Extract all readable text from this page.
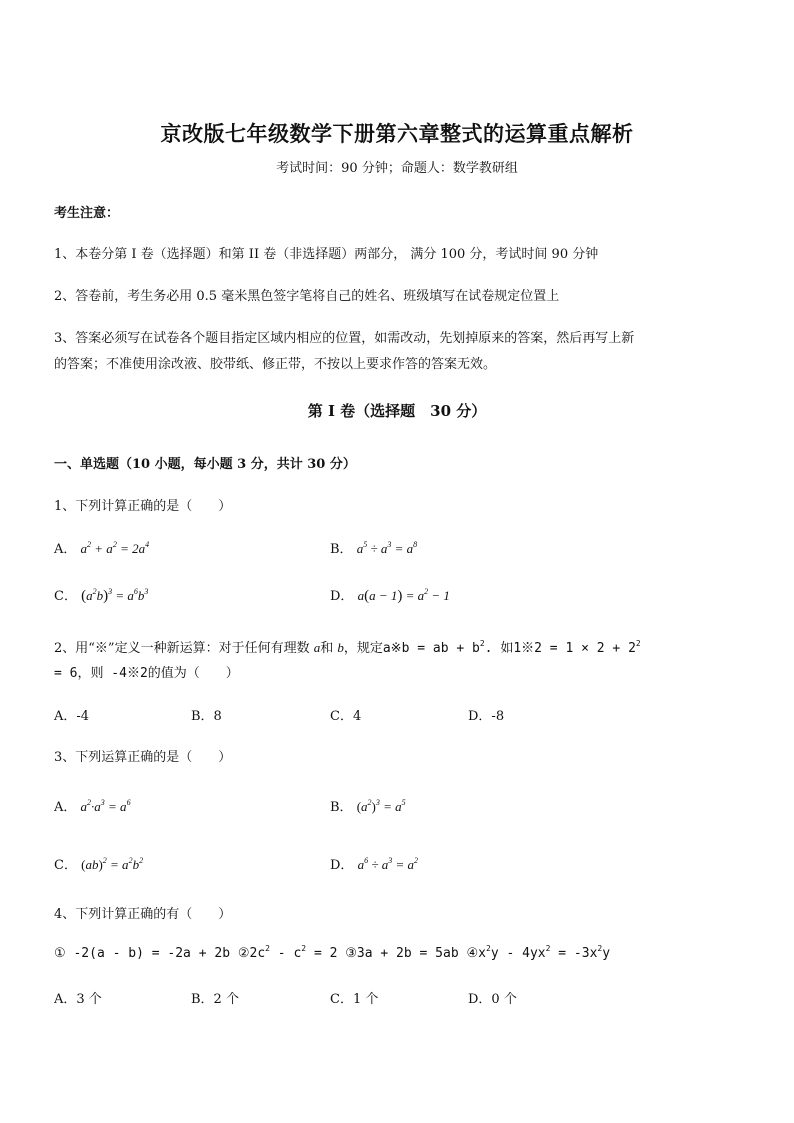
京改版七年级数学下册第六章整式的运算重点解析
考试时间：90 分钟；命题人：数学教研组
考生注意：
1、本卷分第 I 卷（选择题）和第 II 卷（非选择题）两部分， 满分 100 分，考试时间 90 分钟
2、答卷前，考生务必用 0.5 毫米黑色签字笔将自己的姓名、班级填写在试卷规定位置上
3、答案必须写在试卷各个题目指定区域内相应的位置，如需改动，先划掉原来的答案，然后再写上新
的答案；不准使用涂改液、胶带纸、修正带，不按以上要求作答的答案无效。
第 I 卷（选择题　30 分）
一、单选题（10 小题，每小题 3 分，共计 30 分）
1、下列计算正确的是（　　）
A． $a^2 + a^2 = 2a^4$	B． $a^5 \div a^3 = a^8$
C． $(a^2b)^3 = a^6b^3$	D． $a(a - 1) = a^2 - 1$
2、用“※”定义一种新运算：对于任何有理数 a和 b，规定a※b = ab + $b^2$. 如1※2 = $1 \times 2 + 2^2$
= 6，则 -4※2的值为（　　）
A．-4	B．8	C．4	D．-8
3、下列运算正确的是（　　）
A． $a^2\cdot a^3 = a^6$	B． $(a^2)^3 = a^5$
C． $(ab)^2 = a^2b^2$	D． $a^6 \div a^3 = a^2$
4、下列计算正确的有（　　）
① -2(a - b) = -2a + 2b $②2c^2 - c^2 = 2$ ③3a + 2b = 5ab $④x^2y - 4yx^2 = -3x^2y$
A．3 个	B．2 个	C．1 个	D．0 个
